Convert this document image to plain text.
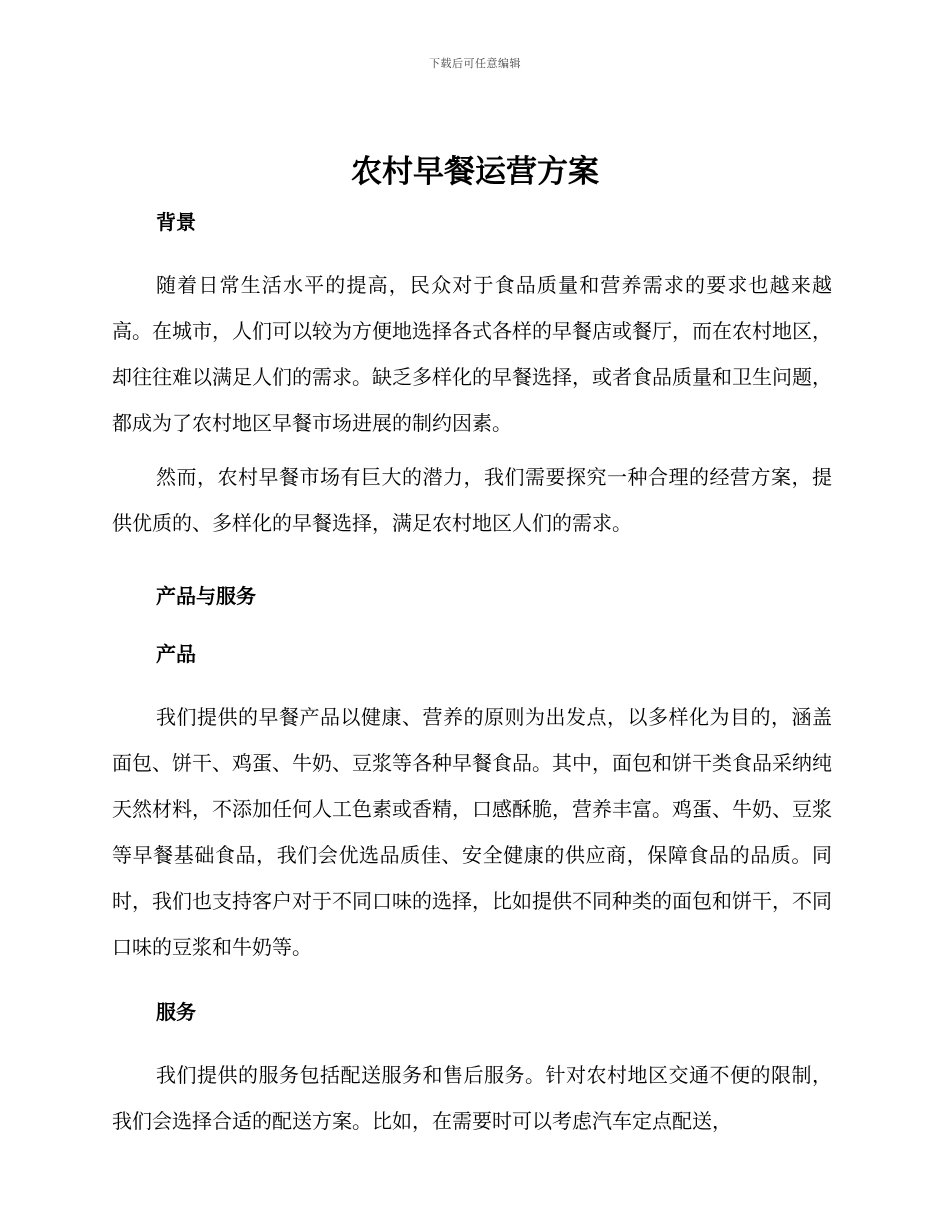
下载后可任意编辑
农村早餐运营方案
背景

随着日常生活水平的提高，民众对于食品质量和营养需求的要求也越来越高。在城市，人们可以较为方便地选择各式各样的早餐店或餐厅，而在农村地区，却往往难以满足人们的需求。缺乏多样化的早餐选择，或者食品质量和卫生问题，都成为了农村地区早餐市场进展的制约因素。

然而，农村早餐市场有巨大的潜力，我们需要探究一种合理的经营方案，提供优质的、多样化的早餐选择，满足农村地区人们的需求。

产品与服务
产品

我们提供的早餐产品以健康、营养的原则为出发点，以多样化为目的，涵盖面包、饼干、鸡蛋、牛奶、豆浆等各种早餐食品。其中，面包和饼干类食品采纳纯天然材料，不添加任何人工色素或香精，口感酥脆，营养丰富。鸡蛋、牛奶、豆浆等早餐基础食品，我们会优选品质佳、安全健康的供应商，保障食品的品质。同时，我们也支持客户对于不同口味的选择，比如提供不同种类的面包和饼干，不同口味的豆浆和牛奶等。

服务

我们提供的服务包括配送服务和售后服务。针对农村地区交通不便的限制，我们会选择合适的配送方案。比如，在需要时可以考虑汽车定点配送，
